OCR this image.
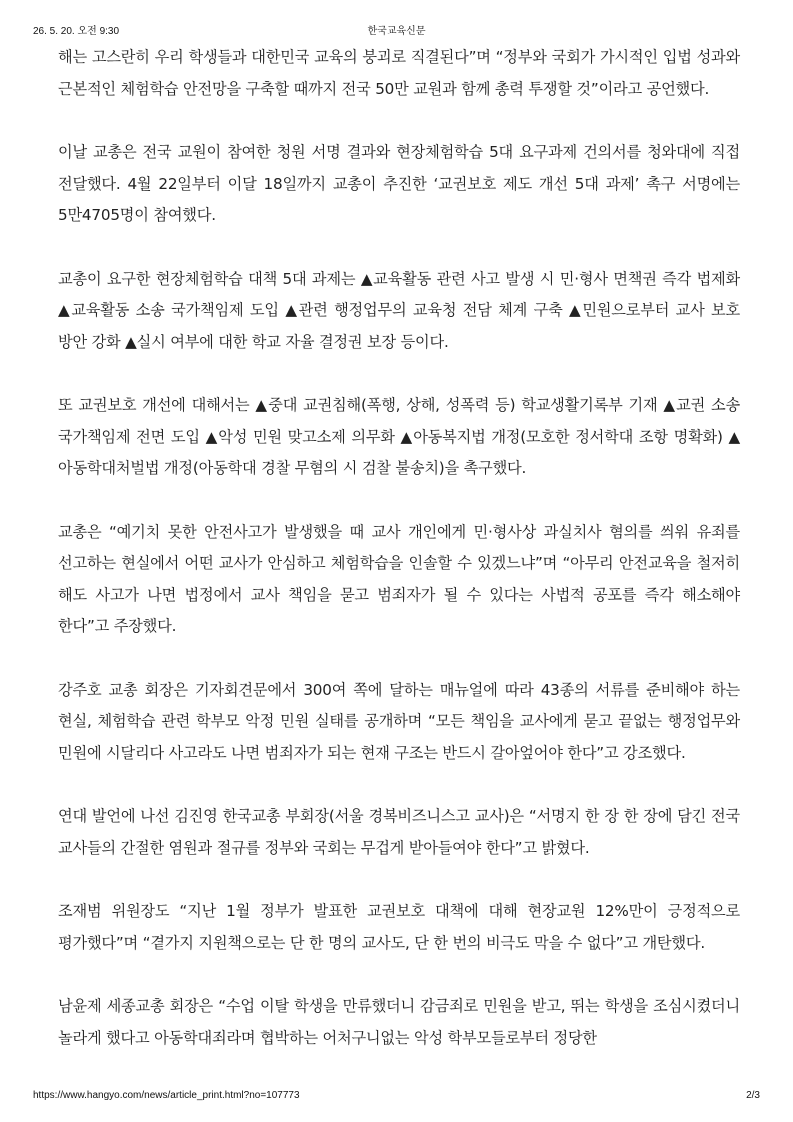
26. 5. 20. 오전 9:30	한국교육신문

해는 고스란히 우리 학생들과 대한민국 교육의 붕괴로 직결된다”며 “정부와 국회가 가시적인 입법 성과와 근본적인 체험학습 안전망을 구축할 때까지 전국 50만 교원과 함께 총력 투쟁할 것”이라고 공언했다.

이날 교총은 전국 교원이 참여한 청원 서명 결과와 현장체험학습 5대 요구과제 건의서를 청와대에 직접 전달했다. 4월 22일부터 이달 18일까지 교총이 추진한 ‘교권보호 제도 개선 5대 과제’ 촉구 서명에는 5만4705명이 참여했다.

교총이 요구한 현장체험학습 대책 5대 과제는 ▲교육활동 관련 사고 발생 시 민·형사 면책권 즉각 법제화 ▲교육활동 소송 국가책임제 도입 ▲관련 행정업무의 교육청 전담 체계 구축 ▲민원으로부터 교사 보호 방안 강화 ▲실시 여부에 대한 학교 자율 결정권 보장 등이다.

또 교권보호 개선에 대해서는 ▲중대 교권침해(폭행, 상해, 성폭력 등) 학교생활기록부 기재 ▲교권 소송 국가책임제 전면 도입 ▲악성 민원 맞고소제 의무화 ▲아동복지법 개정(모호한 정서학대 조항 명확화) ▲아동학대처벌법 개정(아동학대 경찰 무혐의 시 검찰 불송치)을 촉구했다.

교총은 “예기치 못한 안전사고가 발생했을 때 교사 개인에게 민·형사상 과실치사 혐의를 씌워 유죄를 선고하는 현실에서 어떤 교사가 안심하고 체험학습을 인솔할 수 있겠느냐”며 “아무리 안전교육을 철저히 해도 사고가 나면 법정에서 교사 책임을 묻고 범죄자가 될 수 있다는 사법적 공포를 즉각 해소해야 한다”고 주장했다.

강주호 교총 회장은 기자회견문에서 300여 쪽에 달하는 매뉴얼에 따라 43종의 서류를 준비해야 하는 현실, 체험학습 관련 학부모 악정 민원 실태를 공개하며 “모든 책임을 교사에게 묻고 끝없는 행정업무와 민원에 시달리다 사고라도 나면 범죄자가 되는 현재 구조는 반드시 갈아엎어야 한다”고 강조했다.

연대 발언에 나선 김진영 한국교총 부회장(서울 경복비즈니스고 교사)은 “서명지 한 장 한 장에 담긴 전국 교사들의 간절한 염원과 절규를 정부와 국회는 무겁게 받아들여야 한다”고 밝혔다.

조재범 위원장도 “지난 1월 정부가 발표한 교권보호 대책에 대해 현장교원 12%만이 긍정적으로 평가했다”며 “곁가지 지원책으로는 단 한 명의 교사도, 단 한 번의 비극도 막을 수 없다”고 개탄했다.

남윤제 세종교총 회장은 “수업 이탈 학생을 만류했더니 감금죄로 민원을 받고, 뛰는 학생을 조심시켰더니 놀라게 했다고 아동학대죄라며 협박하는 어처구니없는 악성 학부모들로부터 정당한

https://www.hangyo.com/news/article_print.html?no=107773	2/3
